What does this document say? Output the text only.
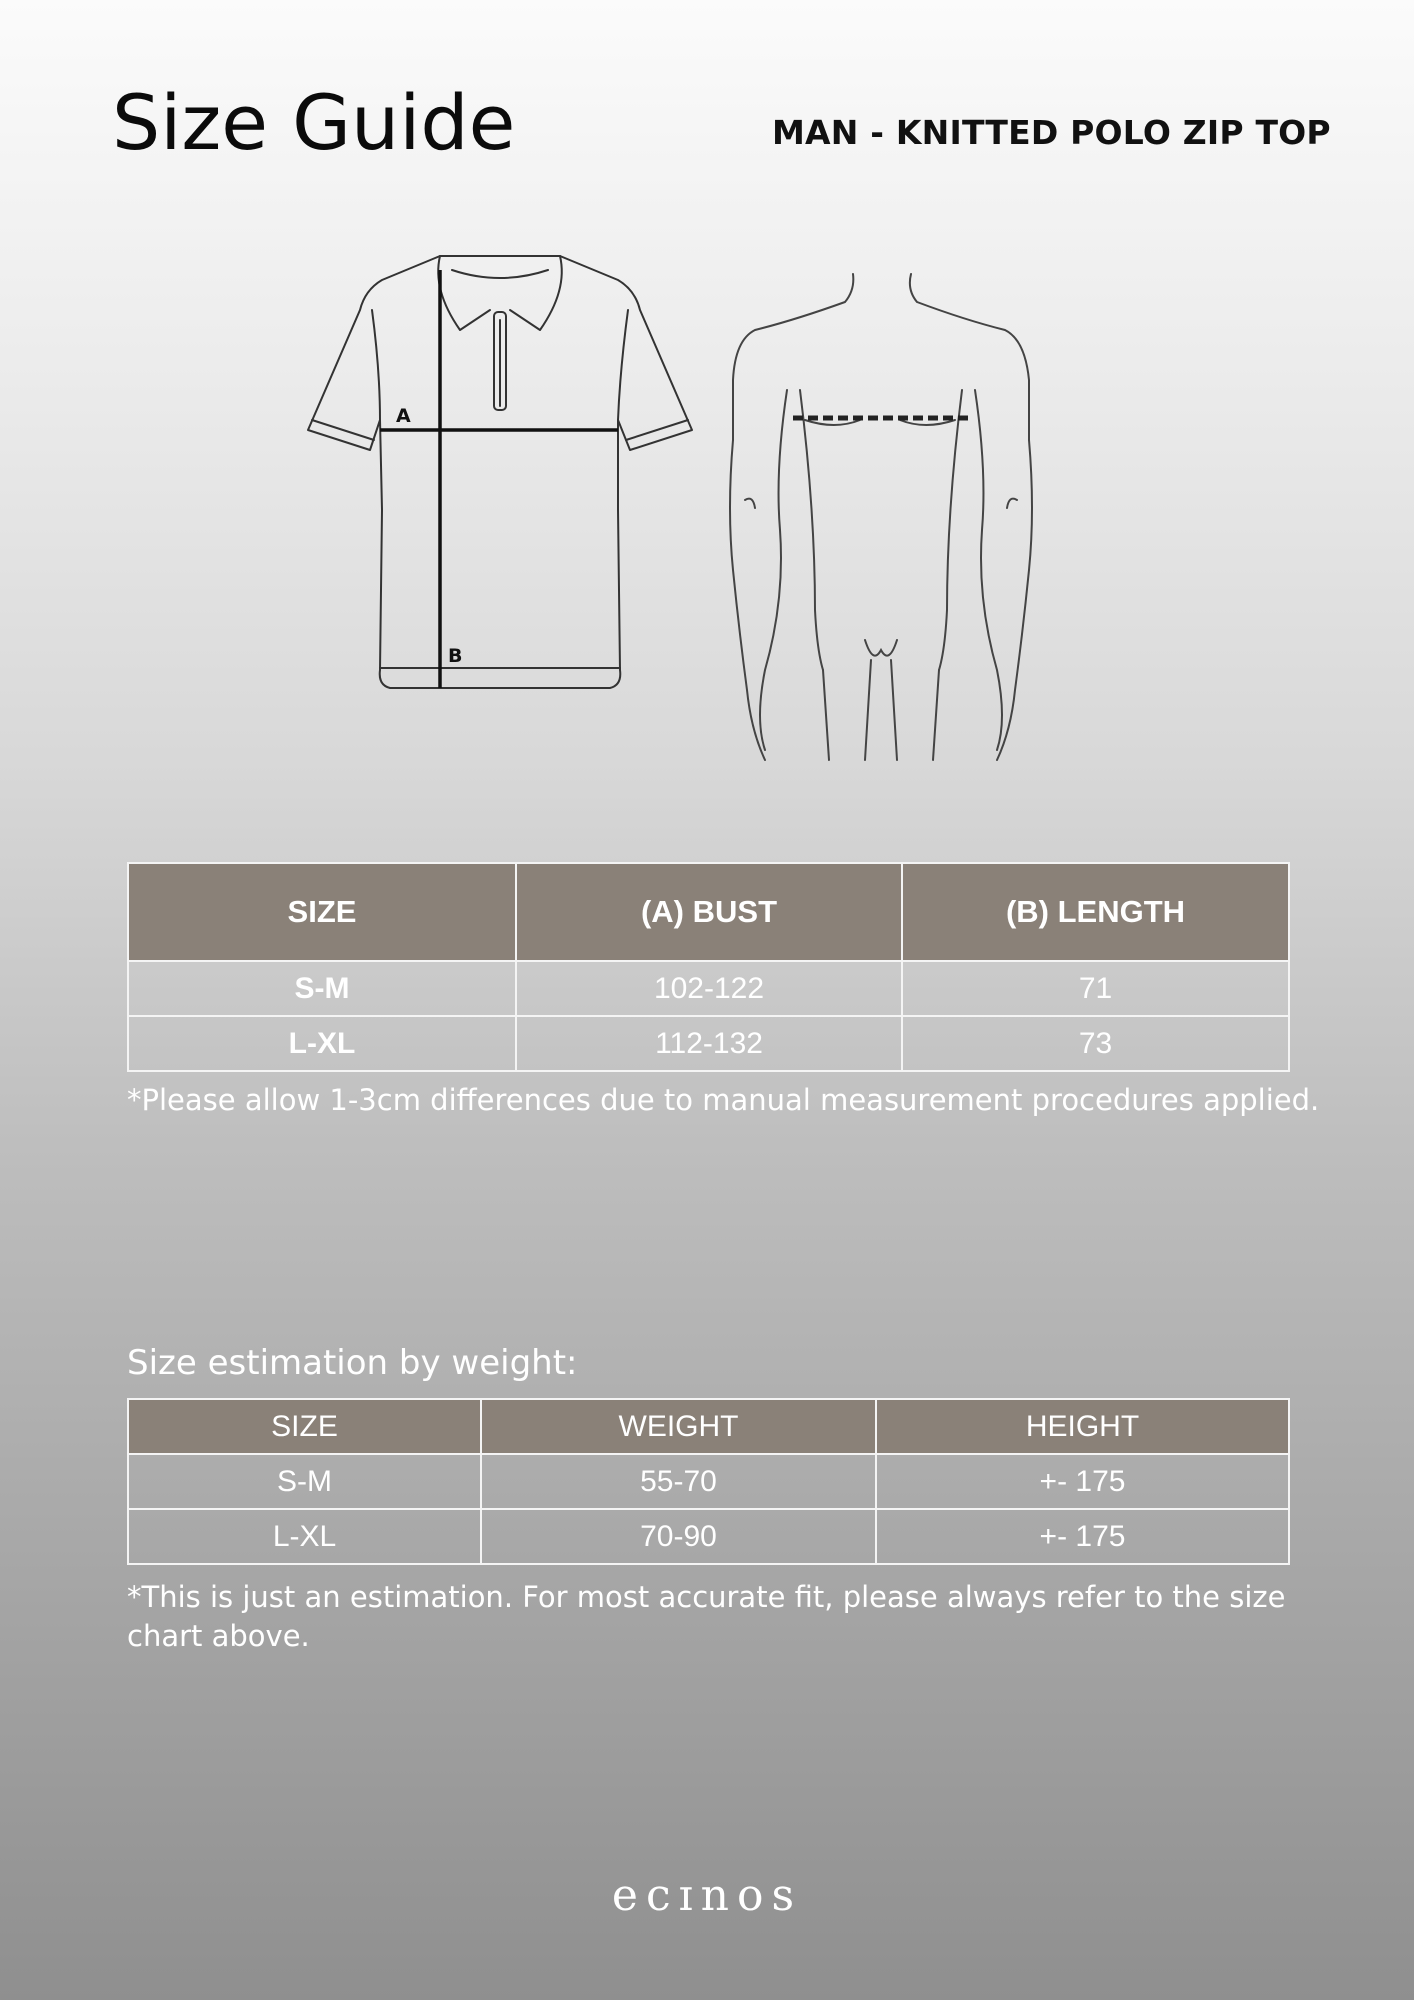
Size Guide	MAN - KNITTED POLO ZIP TOP
A
B
SIZE	(A) BUST	(B) LENGTH
S-M	102-122	71
L-XL	112-132	73
*Please allow 1-3cm differences due to manual measurement procedures applied.
Size estimation by weight:
SIZE	WEIGHT	HEIGHT
S-M	55-70	+- 175
L-XL	70-90	+- 175
*This is just an estimation. For most accurate fit, please always refer to the size chart above.
ecɪnos
